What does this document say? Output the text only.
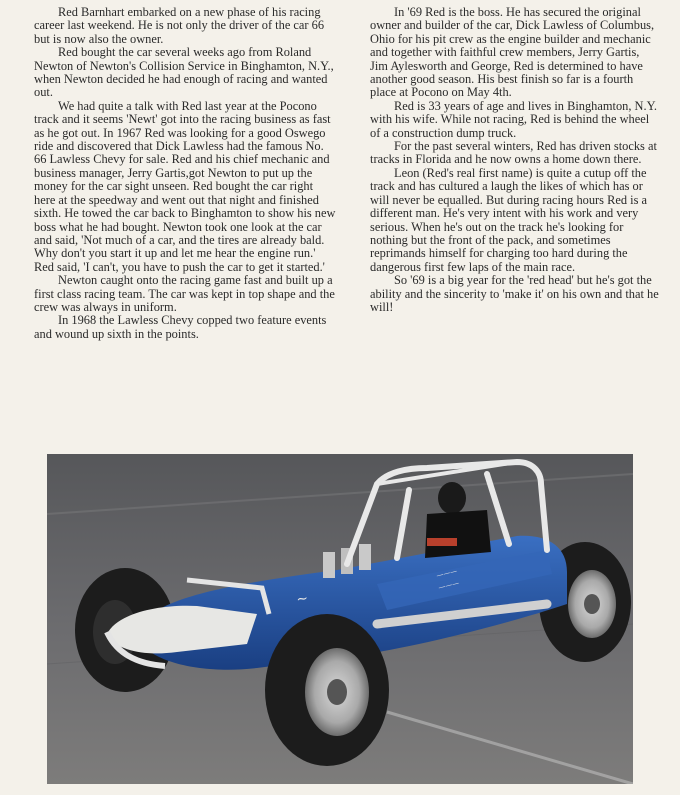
Red Barnhart embarked on a new phase of his racing career last weekend. He is not only the driver of the car 66 but is now also the owner.

Red bought the car several weeks ago from Roland Newton of Newton's Collision Service in Binghamton, N.Y., when Newton decided he had enough of racing and wanted out.

We had quite a talk with Red last year at the Pocono track and it seems 'Newt' got into the racing business as fast as he got out. In 1967 Red was looking for a good Oswego ride and discovered that Dick Lawless had the famous No. 66 Lawless Chevy for sale. Red and his chief mechanic and business manager, Jerry Gartis,got Newton to put up the money for the car sight unseen. Red bought the car right here at the speedway and went out that night and finished sixth. He towed the car back to Binghamton to show his new boss what he had bought. Newton took one look at the car and said, 'Not much of a car, and the tires are already bald. Why don't you start it up and let me hear the engine run.' Red said, 'I can't, you have to push the car to get it started.'

Newton caught onto the racing game fast and built up a first class racing team. The car was kept in top shape and the crew was always in uniform.

In 1968 the Lawless Chevy copped two feature events and wound up sixth in the points.

In '69 Red is the boss. He has secured the original owner and builder of the car, Dick Lawless of Columbus, Ohio for his pit crew as the engine builder and mechanic and together with faithful crew members, Jerry Gartis, Jim Aylesworth and George, Red is determined to have another good season. His best finish so far is a fourth place at Pocono on May 4th.

Red is 33 years of age and lives in Binghamton, N.Y. with his wife. While not racing, Red is behind the wheel of a construction dump truck.

For the past several winters, Red has driven stocks at tracks in Florida and he now owns a home down there.

Leon (Red's real first name) is quite a cutup off the track and has cultured a laugh the likes of which has or will never be equalled. But during racing hours Red is a different man. He's very intent with his work and very serious. When he's out on the track he's looking for nothing but the front of the pack, and sometimes reprimands himself for charging too hard during the dangerous first few laps of the main race.

So '69 is a big year for the 'red head' but he's got the ability and the sincerity to 'make it' on his own and that he will!

~
———
———
